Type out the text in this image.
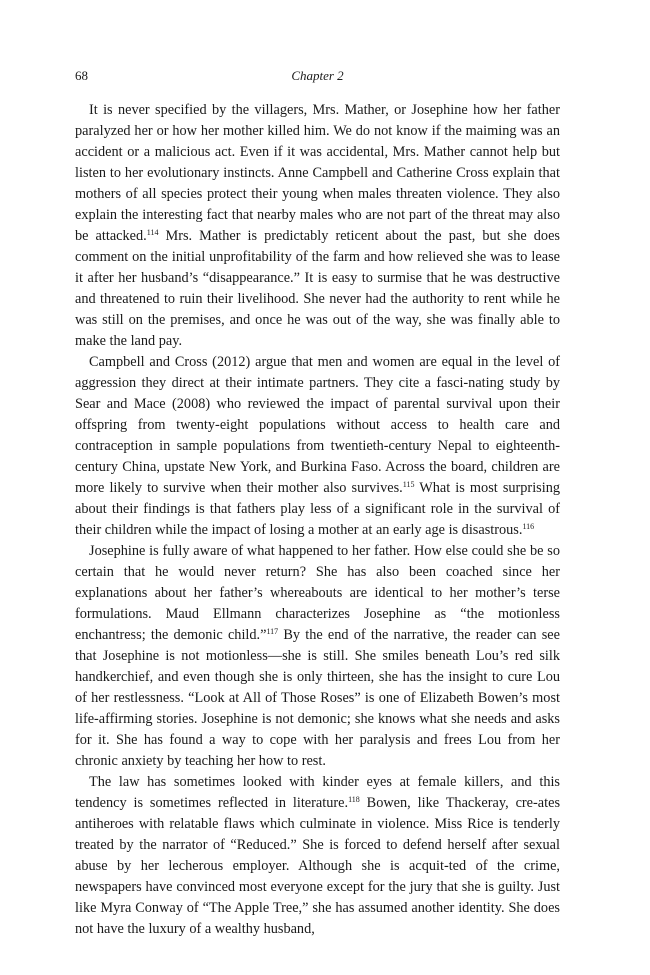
68	Chapter 2

It is never specified by the villagers, Mrs. Mather, or Josephine how her father paralyzed her or how her mother killed him. We do not know if the maiming was an accident or a malicious act. Even if it was accidental, Mrs. Mather cannot help but listen to her evolutionary instincts. Anne Campbell and Catherine Cross explain that mothers of all species protect their young when males threaten violence. They also explain the interesting fact that nearby males who are not part of the threat may also be attacked.$^{114}$ Mrs. Mather is predictably reticent about the past, but she does comment on the initial unprofitability of the farm and how relieved she was to lease it after her husband’s “disappearance.” It is easy to surmise that he was destructive and threatened to ruin their livelihood. She never had the authority to rent while he was still on the premises, and once he was out of the way, she was finally able to make the land pay.

Campbell and Cross (2012) argue that men and women are equal in the level of aggression they direct at their intimate partners. They cite a fasci-nating study by Sear and Mace (2008) who reviewed the impact of parental survival upon their offspring from twenty-eight populations without access to health care and contraception in sample populations from twentieth-century Nepal to eighteenth-century China, upstate New York, and Burkina Faso. Across the board, children are more likely to survive when their mother also survives.$^{115}$ What is most surprising about their findings is that fathers play less of a significant role in the survival of their children while the impact of losing a mother at an early age is disastrous.$^{116}$

Josephine is fully aware of what happened to her father. How else could she be so certain that he would never return? She has also been coached since her explanations about her father’s whereabouts are identical to her mother’s terse formulations. Maud Ellmann characterizes Josephine as “the motionless enchantress; the demonic child.”$^{117}$ By the end of the narrative, the reader can see that Josephine is not motionless—she is still. She smiles beneath Lou’s red silk handkerchief, and even though she is only thirteen, she has the insight to cure Lou of her restlessness. “Look at All of Those Roses” is one of Elizabeth Bowen’s most life-affirming stories. Josephine is not demonic; she knows what she needs and asks for it. She has found a way to cope with her paralysis and frees Lou from her chronic anxiety by teaching her how to rest.

The law has sometimes looked with kinder eyes at female killers, and this tendency is sometimes reflected in literature.$^{118}$ Bowen, like Thackeray, cre-ates antiheroes with relatable flaws which culminate in violence. Miss Rice is tenderly treated by the narrator of “Reduced.” She is forced to defend herself after sexual abuse by her lecherous employer. Although she is acquit-ted of the crime, newspapers have convinced most everyone except for the jury that she is guilty. Just like Myra Conway of “The Apple Tree,” she has assumed another identity. She does not have the luxury of a wealthy husband,
